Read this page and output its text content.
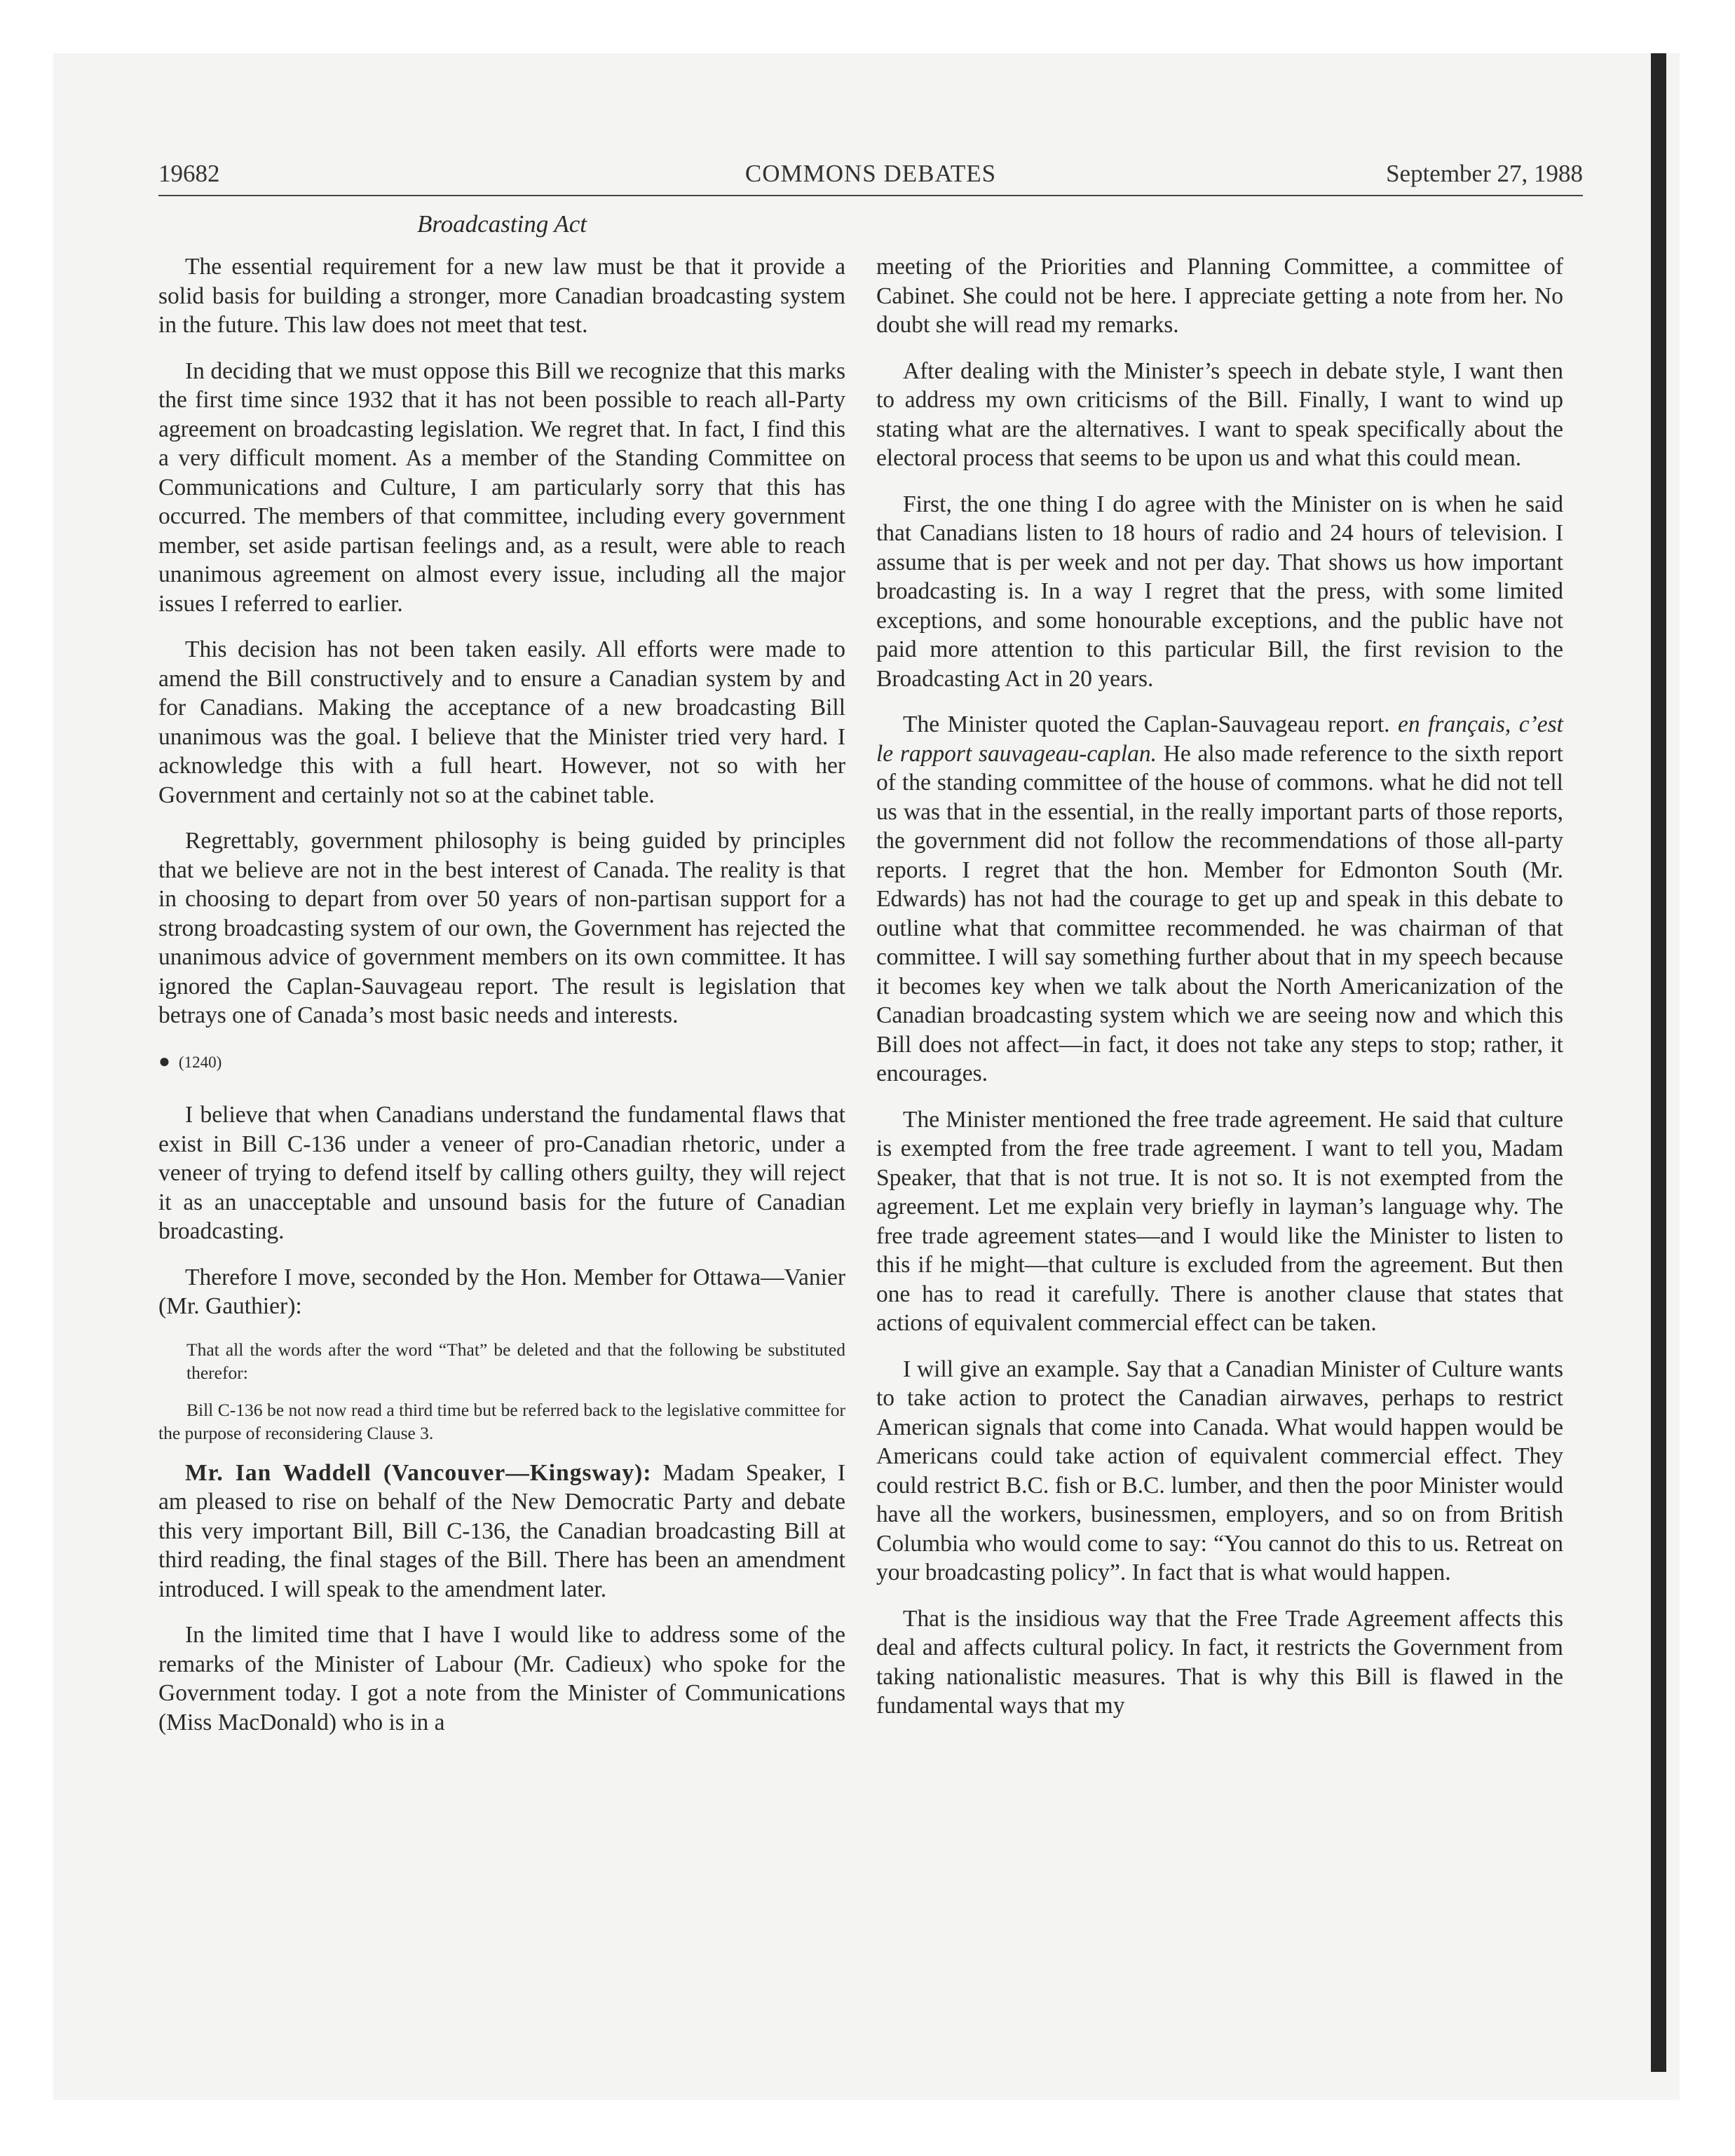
19682	COMMONS DEBATES	September 27, 1988
Broadcasting Act

The essential requirement for a new law must be that it provide a solid basis for building a stronger, more Canadian broadcasting system in the future. This law does not meet that test.

In deciding that we must oppose this Bill we recognize that this marks the first time since 1932 that it has not been possible to reach all-Party agreement on broadcasting legislation. We regret that. In fact, I find this a very difficult moment. As a member of the Standing Committee on Communications and Culture, I am particularly sorry that this has occurred. The members of that committee, including every government member, set aside partisan feelings and, as a result, were able to reach unanimous agreement on almost every issue, including all the major issues I referred to earlier.

This decision has not been taken easily. All efforts were made to amend the Bill constructively and to ensure a Canadian system by and for Canadians. Making the acceptance of a new broadcasting Bill unanimous was the goal. I believe that the Minister tried very hard. I acknowledge this with a full heart. However, not so with her Government and certainly not so at the cabinet table.

Regrettably, government philosophy is being guided by principles that we believe are not in the best interest of Canada. The reality is that in choosing to depart from over 50 years of non-partisan support for a strong broadcasting system of our own, the Government has rejected the unanimous advice of government members on its own committee. It has ignored the Caplan-Sauvageau report. The result is legislation that betrays one of Canada’s most basic needs and interests.

● (1240)

I believe that when Canadians understand the fundamental flaws that exist in Bill C-136 under a veneer of pro-Canadian rhetoric, under a veneer of trying to defend itself by calling others guilty, they will reject it as an unacceptable and unsound basis for the future of Canadian broadcasting.

Therefore I move, seconded by the Hon. Member for Ottawa—Vanier (Mr. Gauthier):

That all the words after the word “That” be deleted and that the following be substituted therefor:
Bill C-136 be not now read a third time but be referred back to the legislative committee for the purpose of reconsidering Clause 3.

Mr. Ian Waddell (Vancouver—Kingsway): Madam Speaker, I am pleased to rise on behalf of the New Democratic Party and debate this very important Bill, Bill C-136, the Canadian broadcasting Bill at third reading, the final stages of the Bill. There has been an amendment introduced. I will speak to the amendment later.

In the limited time that I have I would like to address some of the remarks of the Minister of Labour (Mr. Cadieux) who spoke for the Government today. I got a note from the Minister of Communications (Miss MacDonald) who is in a

meeting of the Priorities and Planning Committee, a committee of Cabinet. She could not be here. I appreciate getting a note from her. No doubt she will read my remarks.

After dealing with the Minister’s speech in debate style, I want then to address my own criticisms of the Bill. Finally, I want to wind up stating what are the alternatives. I want to speak specifically about the electoral process that seems to be upon us and what this could mean.

First, the one thing I do agree with the Minister on is when he said that Canadians listen to 18 hours of radio and 24 hours of television. I assume that is per week and not per day. That shows us how important broadcasting is. In a way I regret that the press, with some limited exceptions, and some honourable exceptions, and the public have not paid more attention to this particular Bill, the first revision to the Broadcasting Act in 20 years.

The Minister quoted the Caplan-Sauvageau report. en français, c’est le rapport sauvageau-caplan. He also made reference to the sixth report of the standing committee of the house of commons. what he did not tell us was that in the essential, in the really important parts of those reports, the government did not follow the recommendations of those all-party reports. I regret that the hon. Member for Edmonton South (Mr. Edwards) has not had the courage to get up and speak in this debate to outline what that committee recommended. he was chairman of that committee. I will say something further about that in my speech because it becomes key when we talk about the North Americanization of the Canadian broadcasting system which we are seeing now and which this Bill does not affect—in fact, it does not take any steps to stop; rather, it encourages.

The Minister mentioned the free trade agreement. He said that culture is exempted from the free trade agreement. I want to tell you, Madam Speaker, that that is not true. It is not so. It is not exempted from the agreement. Let me explain very briefly in layman’s language why. The free trade agreement states—and I would like the Minister to listen to this if he might—that culture is excluded from the agreement. But then one has to read it carefully. There is another clause that states that actions of equivalent commercial effect can be taken.

I will give an example. Say that a Canadian Minister of Culture wants to take action to protect the Canadian airwaves, perhaps to restrict American signals that come into Canada. What would happen would be Americans could take action of equivalent commercial effect. They could restrict B.C. fish or B.C. lumber, and then the poor Minister would have all the workers, businessmen, employers, and so on from British Columbia who would come to say: “You cannot do this to us. Retreat on your broadcasting policy”. In fact that is what would happen.

That is the insidious way that the Free Trade Agreement affects this deal and affects cultural policy. In fact, it restricts the Government from taking nationalistic measures. That is why this Bill is flawed in the fundamental ways that my
